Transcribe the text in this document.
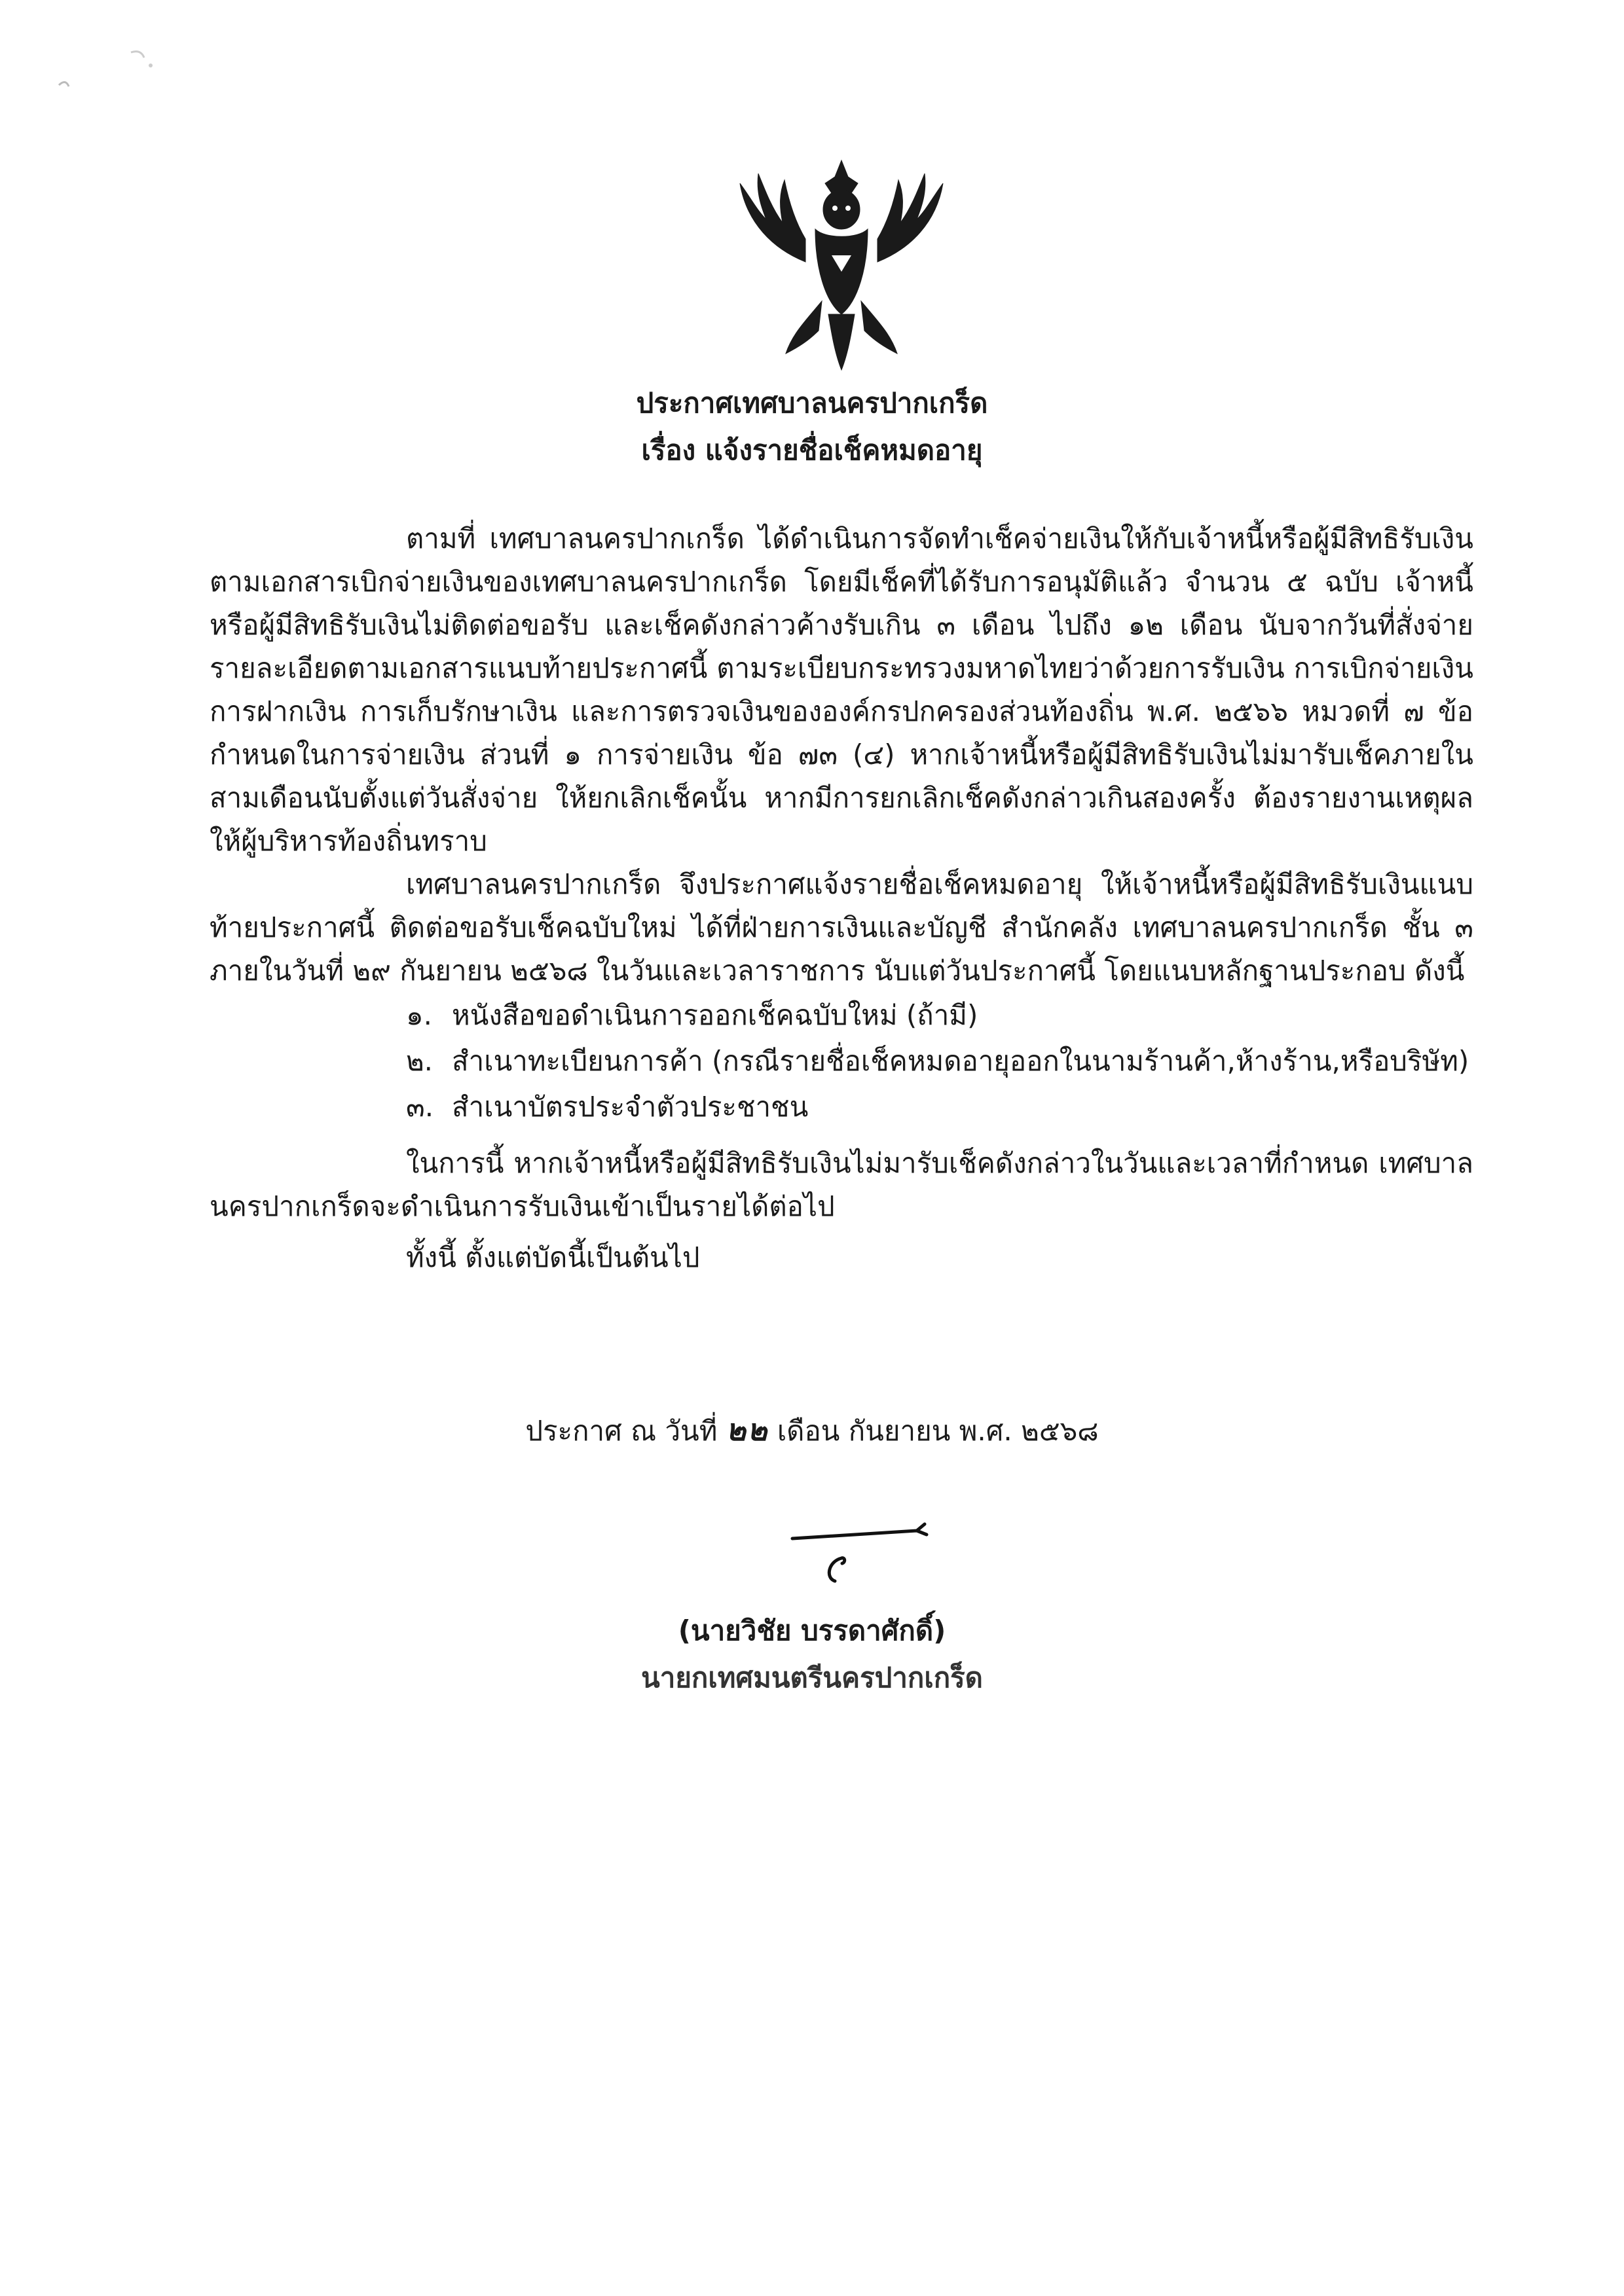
ประกาศเทศบาลนครปากเกร็ด
เรื่อง แจ้งรายชื่อเช็คหมดอายุ

ตามที่ เทศบาลนครปากเกร็ด ได้ดำเนินการจัดทำเช็คจ่ายเงินให้กับเจ้าหนี้หรือผู้มีสิทธิรับเงิน ตามเอกสารเบิกจ่ายเงินของเทศบาลนครปากเกร็ด โดยมีเช็คที่ได้รับการอนุมัติแล้ว จำนวน ๕ ฉบับ เจ้าหนี้หรือผู้มีสิทธิรับเงินไม่ติดต่อขอรับ และเช็คดังกล่าวค้างรับเกิน ๓ เดือน ไปถึง ๑๒ เดือน นับจากวันที่สั่งจ่าย รายละเอียดตามเอกสารแนบท้ายประกาศนี้ ตามระเบียบกระทรวงมหาดไทยว่าด้วยการรับเงิน การเบิกจ่ายเงิน การฝากเงิน การเก็บรักษาเงิน และการตรวจเงินขององค์กรปกครองส่วนท้องถิ่น พ.ศ. ๒๕๖๖ หมวดที่ ๗ ข้อกำหนดในการจ่ายเงิน ส่วนที่ ๑ การจ่ายเงิน ข้อ ๗๓ (๔) หากเจ้าหนี้หรือผู้มีสิทธิรับเงินไม่มารับเช็คภายในสามเดือนนับตั้งแต่วันสั่งจ่าย ให้ยกเลิกเช็คนั้น หากมีการยกเลิกเช็คดังกล่าวเกินสองครั้ง ต้องรายงานเหตุผลให้ผู้บริหารท้องถิ่นทราบ

เทศบาลนครปากเกร็ด จึงประกาศแจ้งรายชื่อเช็คหมดอายุ ให้เจ้าหนี้หรือผู้มีสิทธิรับเงินแนบท้ายประกาศนี้ ติดต่อขอรับเช็คฉบับใหม่ ได้ที่ฝ่ายการเงินและบัญชี สำนักคลัง เทศบาลนครปากเกร็ด ชั้น ๓ ภายในวันที่ ๒๙ กันยายน ๒๕๖๘ ในวันและเวลาราชการ นับแต่วันประกาศนี้ โดยแนบหลักฐานประกอบ ดังนี้

๑. หนังสือขอดำเนินการออกเช็คฉบับใหม่ (ถ้ามี)
๒. สำเนาทะเบียนการค้า (กรณีรายชื่อเช็คหมดอายุออกในนามร้านค้า,ห้างร้าน,หรือบริษัท)
๓. สำเนาบัตรประจำตัวประชาชน

ในการนี้ หากเจ้าหนี้หรือผู้มีสิทธิรับเงินไม่มารับเช็คดังกล่าวในวันและเวลาที่กำหนด เทศบาลนครปากเกร็ดจะดำเนินการรับเงินเข้าเป็นรายได้ต่อไป

ทั้งนี้ ตั้งแต่บัดนี้เป็นต้นไป

ประกาศ ณ วันที่ ๒๒ เดือน กันยายน พ.ศ. ๒๕๖๘
(นายวิชัย บรรดาศักดิ์)
นายกเทศมนตรีนครปากเกร็ด
